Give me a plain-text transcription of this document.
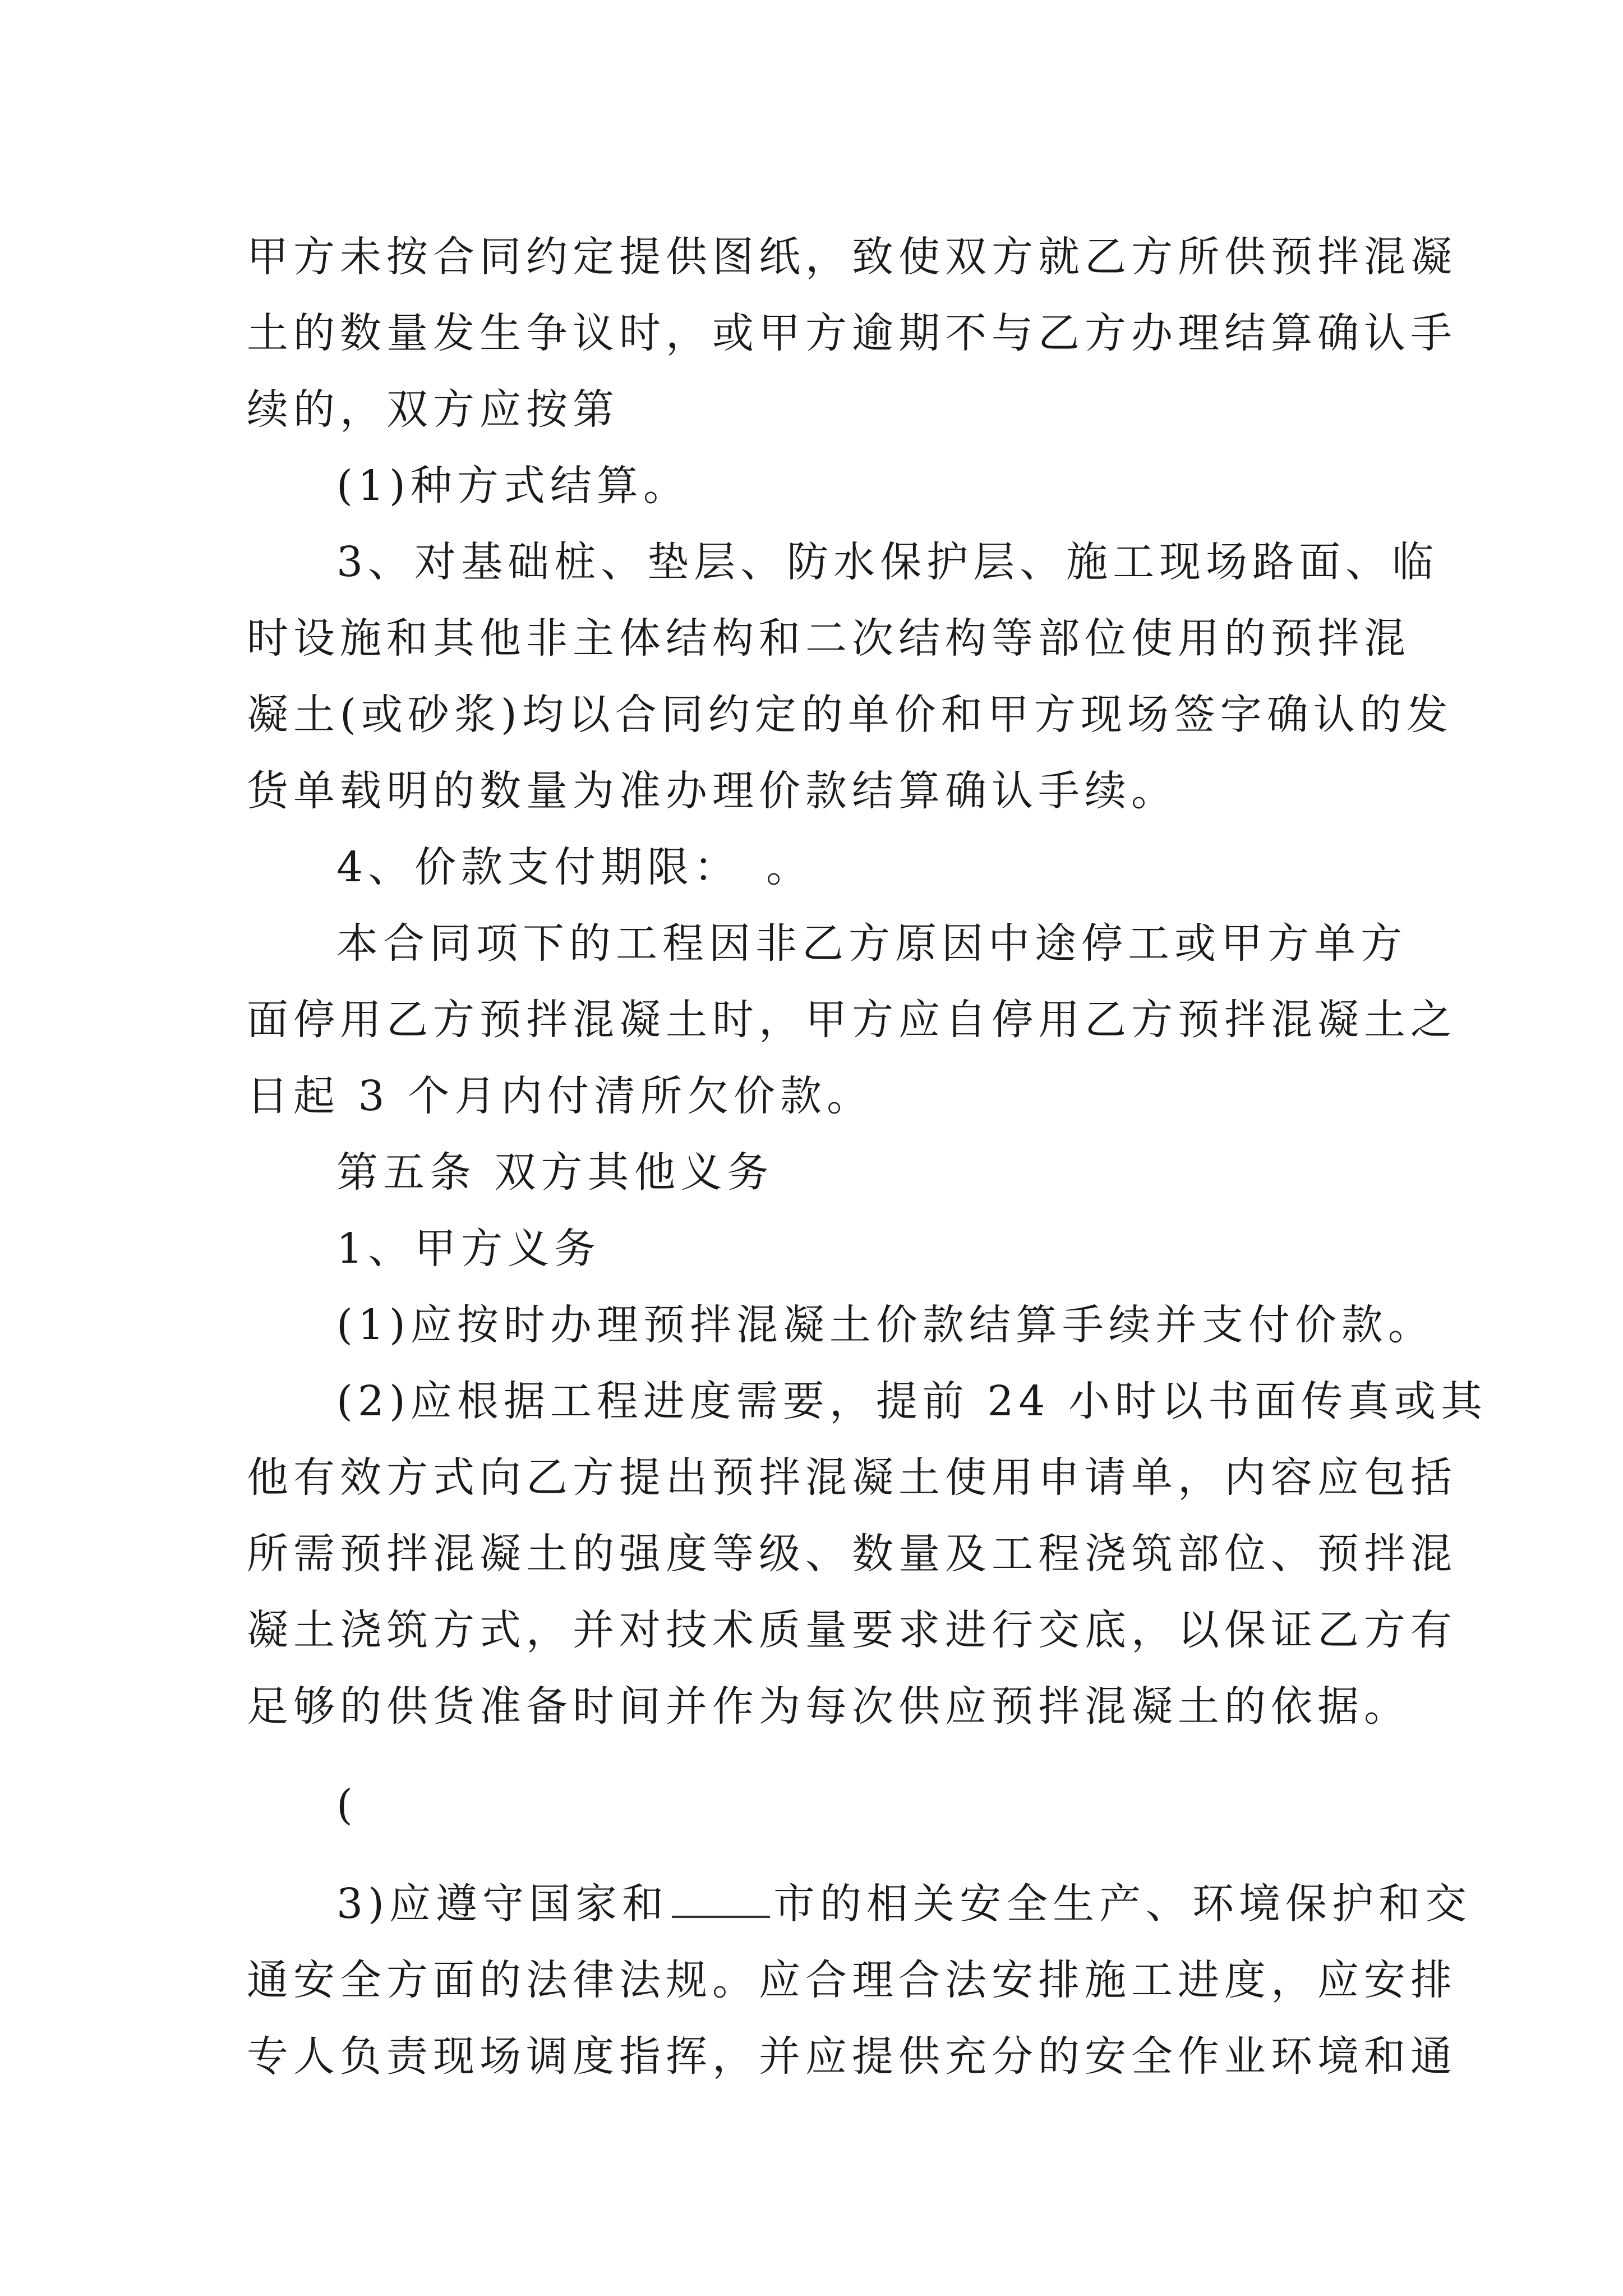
甲方未按合同约定提供图纸，致使双方就乙方所供预拌混凝
土的数量发生争议时，或甲方逾期不与乙方办理结算确认手
续的，双方应按第
(1)种方式结算。
3、对基础桩、垫层、防水保护层、施工现场路面、临
时设施和其他非主体结构和二次结构等部位使用的预拌混
凝土(或砂浆)均以合同约定的单价和甲方现场签字确认的发
货单载明的数量为准办理价款结算确认手续。
4、价款支付期限：　。
本合同项下的工程因非乙方原因中途停工或甲方单方
面停用乙方预拌混凝土时，甲方应自停用乙方预拌混凝土之
日起 3 个月内付清所欠价款。
第五条 双方其他义务
1、甲方义务
(1)应按时办理预拌混凝土价款结算手续并支付价款。
(2)应根据工程进度需要，提前 24 小时以书面传真或其
他有效方式向乙方提出预拌混凝土使用申请单，内容应包括
所需预拌混凝土的强度等级、数量及工程浇筑部位、预拌混
凝土浇筑方式，并对技术质量要求进行交底，以保证乙方有
足够的供货准备时间并作为每次供应预拌混凝土的依据。
(
3)应遵守国家和	市的相关安全生产、环境保护和交
通安全方面的法律法规。应合理合法安排施工进度，应安排
专人负责现场调度指挥，并应提供充分的安全作业环境和通
